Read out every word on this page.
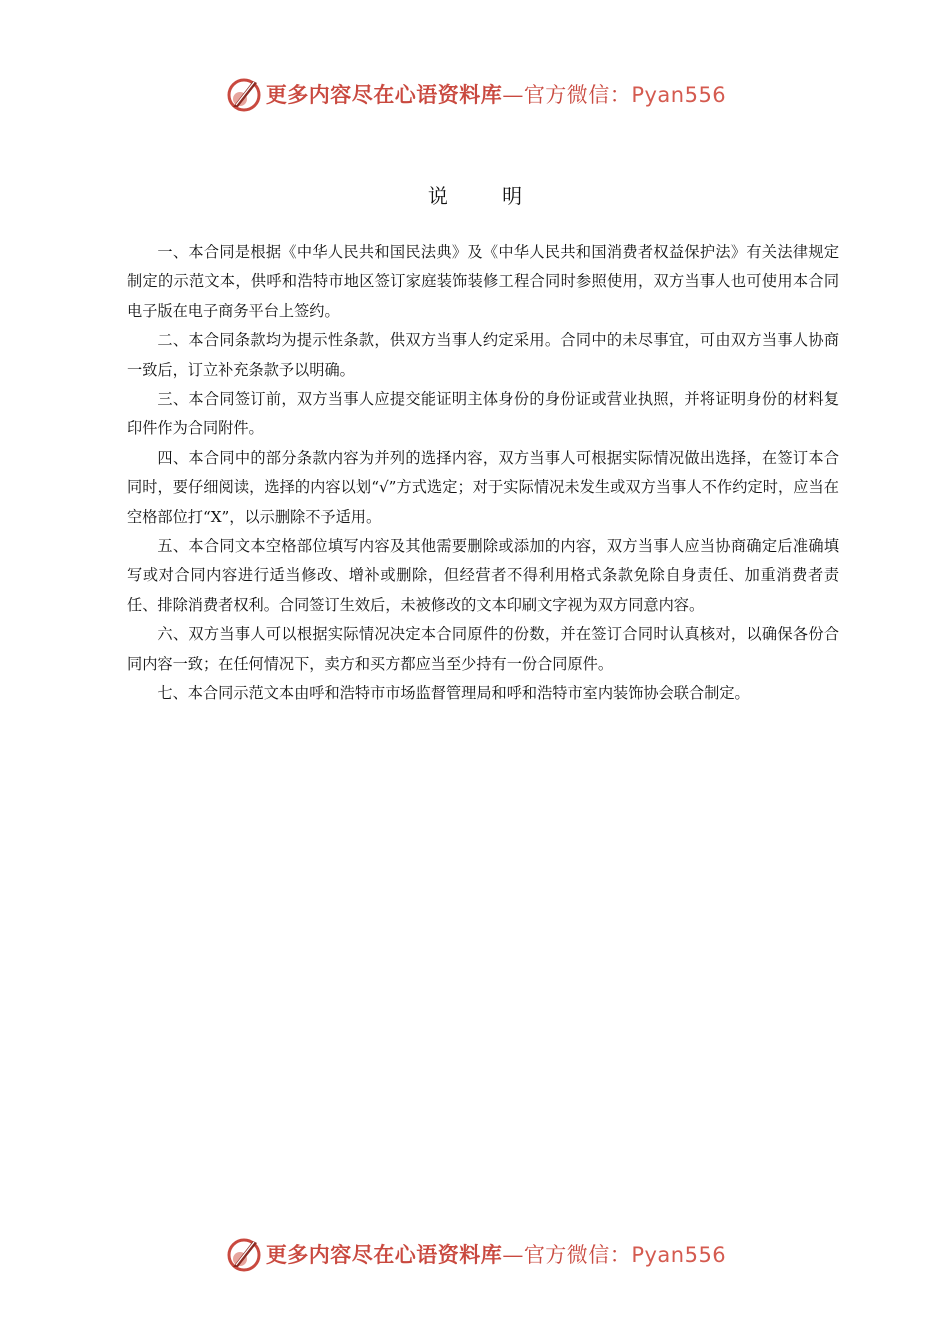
更多内容尽在心语资料库—官方微信：Pyan556
说 明

一、本合同是根据《中华人民共和国民法典》及《中华人民共和国消费者权益保护法》有关法律规定制定的示范文本，供呼和浩特市地区签订家庭装饰装修工程合同时参照使用，双方当事人也可使用本合同电子版在电子商务平台上签约。

二、本合同条款均为提示性条款，供双方当事人约定采用。合同中的未尽事宜，可由双方当事人协商一致后，订立补充条款予以明确。

三、本合同签订前，双方当事人应提交能证明主体身份的身份证或营业执照，并将证明身份的材料复印件作为合同附件。

四、本合同中的部分条款内容为并列的选择内容，双方当事人可根据实际情况做出选择，在签订本合同时，要仔细阅读，选择的内容以划“√”方式选定；对于实际情况未发生或双方当事人不作约定时，应当在空格部位打“X”，以示删除不予适用。

五、本合同文本空格部位填写内容及其他需要删除或添加的内容，双方当事人应当协商确定后准确填写或对合同内容进行适当修改、增补或删除，但经营者不得利用格式条款免除自身责任、加重消费者责任、排除消费者权利。合同签订生效后，未被修改的文本印刷文字视为双方同意内容。

六、双方当事人可以根据实际情况决定本合同原件的份数，并在签订合同时认真核对，以确保各份合同内容一致；在任何情况下，卖方和买方都应当至少持有一份合同原件。

七、本合同示范文本由呼和浩特市市场监督管理局和呼和浩特市室内装饰协会联合制定。

更多内容尽在心语资料库—官方微信：Pyan556
